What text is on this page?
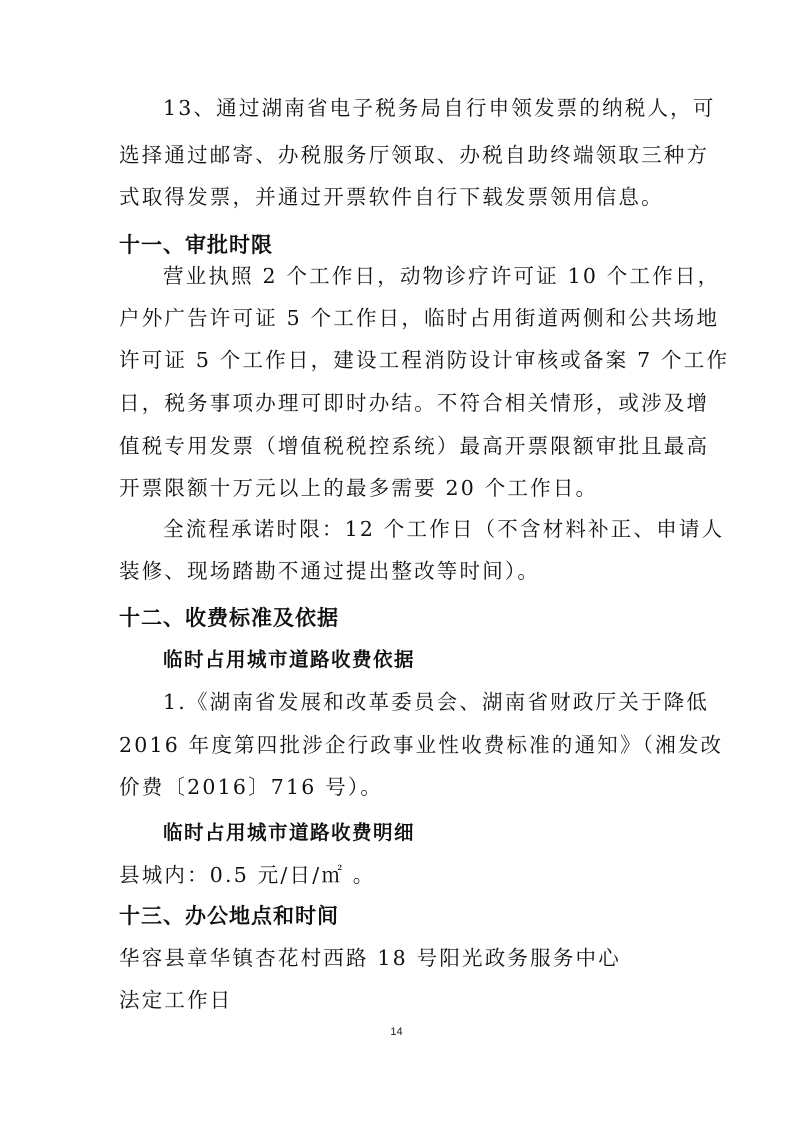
13、通过湖南省电子税务局自行申领发票的纳税人，可
选择通过邮寄、办税服务厅领取、办税自助终端领取三种方
式取得发票，并通过开票软件自行下载发票领用信息。
十一、审批时限
营业执照 2 个工作日，动物诊疗许可证 10 个工作日，
户外广告许可证 5 个工作日，临时占用街道两侧和公共场地
许可证 5 个工作日，建设工程消防设计审核或备案 7 个工作
日，税务事项办理可即时办结。不符合相关情形，或涉及增
值税专用发票（增值税税控系统）最高开票限额审批且最高
开票限额十万元以上的最多需要 20 个工作日。
全流程承诺时限：12 个工作日（不含材料补正、申请人
装修、现场踏勘不通过提出整改等时间）。
十二、收费标准及依据
临时占用城市道路收费依据
1.《湖南省发展和改革委员会、湖南省财政厅关于降低
2016 年度第四批涉企行政事业性收费标准的通知》（湘发改
价费〔2016〕716 号）。
临时占用城市道路收费明细
县城内：0.5 元/日/㎡ 。
十三、办公地点和时间
华容县章华镇杏花村西路 18 号阳光政务服务中心
法定工作日
14
